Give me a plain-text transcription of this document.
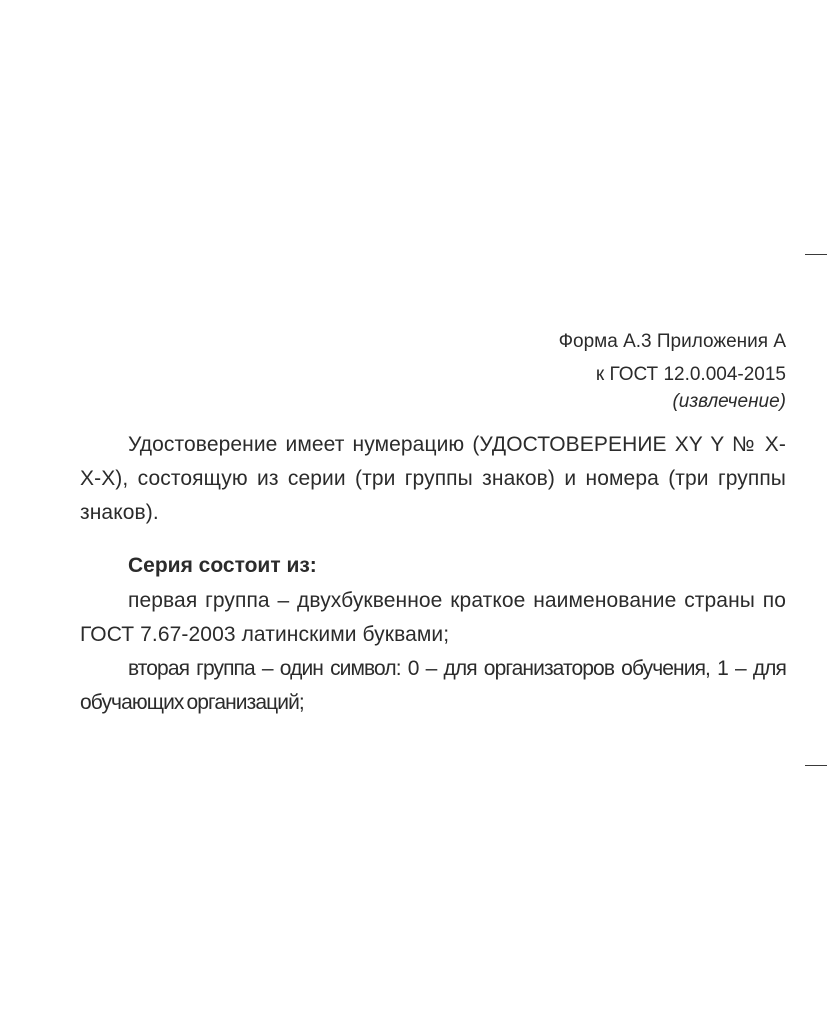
Форма А.3 Приложения А
к ГОСТ 12.0.004-2015
(извлечение)

Удостоверение имеет нумерацию (УДОСТОВЕРЕНИЕ XY Y № X-X-X), состоящую из серии (три группы знаков) и номера (три группы знаков).

Серия состоит из:

первая группа – двухбуквенное краткое наименование страны по ГОСТ 7.67-2003 латинскими буквами;

вторая группа – один символ: 0 – для организаторов обучения, 1 – для обучающих организаций;
